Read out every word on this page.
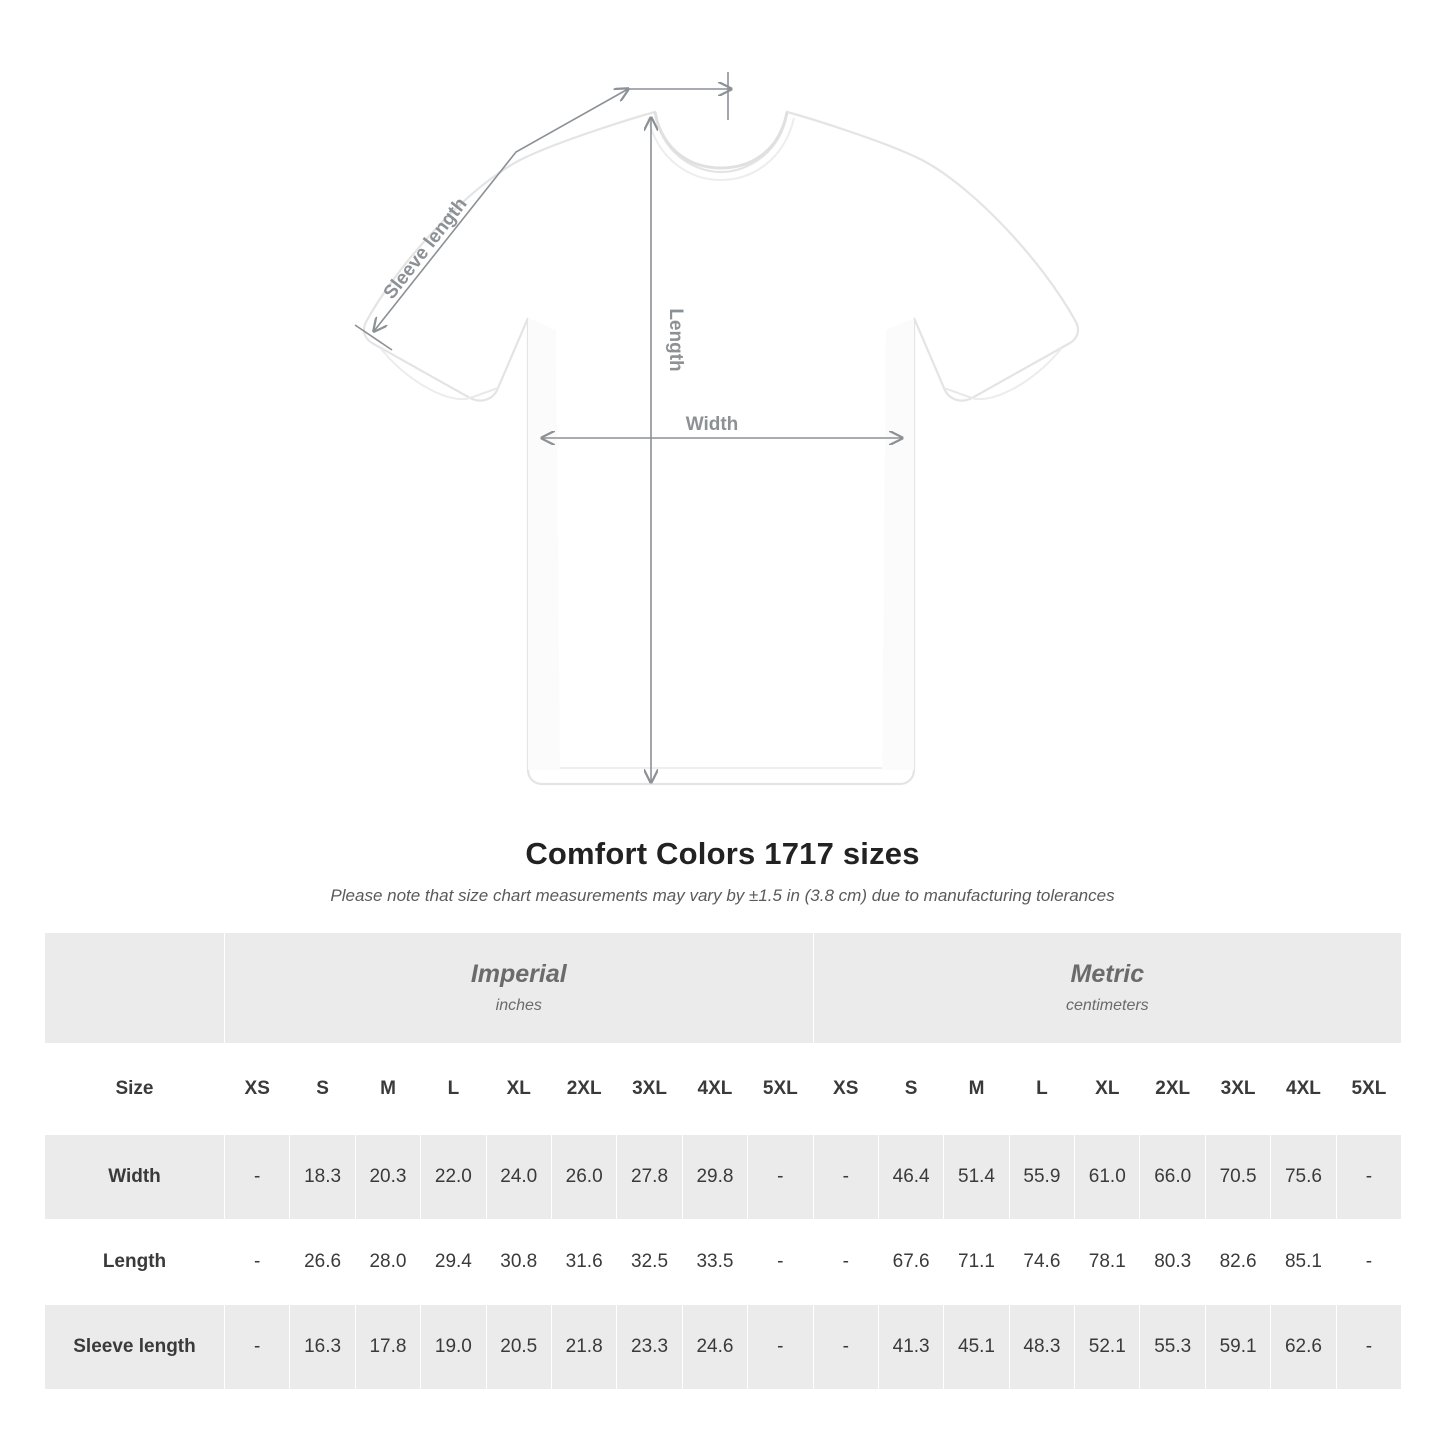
Sleeve length
Length
Width
Comfort Colors 1717 sizes
Please note that size chart measurements may vary by ±1.5 in (3.8 cm) due to manufacturing tolerances

Imperial
inches

Metric
centimeters

Size	XS	S	M	L	XL	2XL	3XL	4XL	5XL	XS	S	M	L	XL	2XL	3XL	4XL	5XL
Width	-	18.3	20.3	22.0	24.0	26.0	27.8	29.8	-	-	46.4	51.4	55.9	61.0	66.0	70.5	75.6	-
Length	-	26.6	28.0	29.4	30.8	31.6	32.5	33.5	-	-	67.6	71.1	74.6	78.1	80.3	82.6	85.1	-
Sleeve length	-	16.3	17.8	19.0	20.5	21.8	23.3	24.6	-	-	41.3	45.1	48.3	52.1	55.3	59.1	62.6	-
